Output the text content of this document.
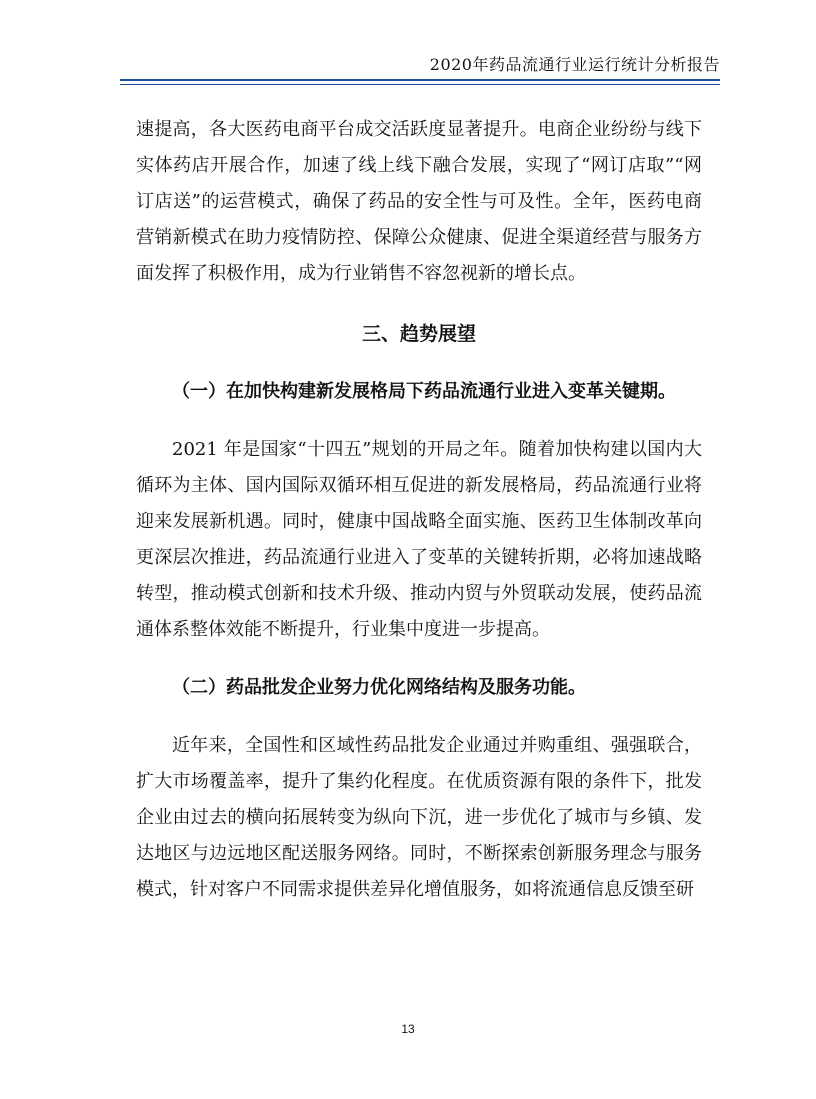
2020年药品流通行业运行统计分析报告

速提高，各大医药电商平台成交活跃度显著提升。电商企业纷纷与线下实体药店开展合作，加速了线上线下融合发展，实现了“网订店取”“网订店送”的运营模式，确保了药品的安全性与可及性。全年，医药电商营销新模式在助力疫情防控、保障公众健康、促进全渠道经营与服务方面发挥了积极作用，成为行业销售不容忽视新的增长点。

三、趋势展望
（一）在加快构建新发展格局下药品流通行业进入变革关键期。

2021 年是国家“十四五”规划的开局之年。随着加快构建以国内大循环为主体、国内国际双循环相互促进的新发展格局，药品流通行业将迎来发展新机遇。同时，健康中国战略全面实施、医药卫生体制改革向更深层次推进，药品流通行业进入了变革的关键转折期，必将加速战略转型，推动模式创新和技术升级、推动内贸与外贸联动发展，使药品流通体系整体效能不断提升，行业集中度进一步提高。

（二）药品批发企业努力优化网络结构及服务功能。

近年来，全国性和区域性药品批发企业通过并购重组、强强联合，扩大市场覆盖率，提升了集约化程度。在优质资源有限的条件下，批发企业由过去的横向拓展转变为纵向下沉，进一步优化了城市与乡镇、发达地区与边远地区配送服务网络。同时，不断探索创新服务理念与服务模式，针对客户不同需求提供差异化增值服务，如将流通信息反馈至研

13
